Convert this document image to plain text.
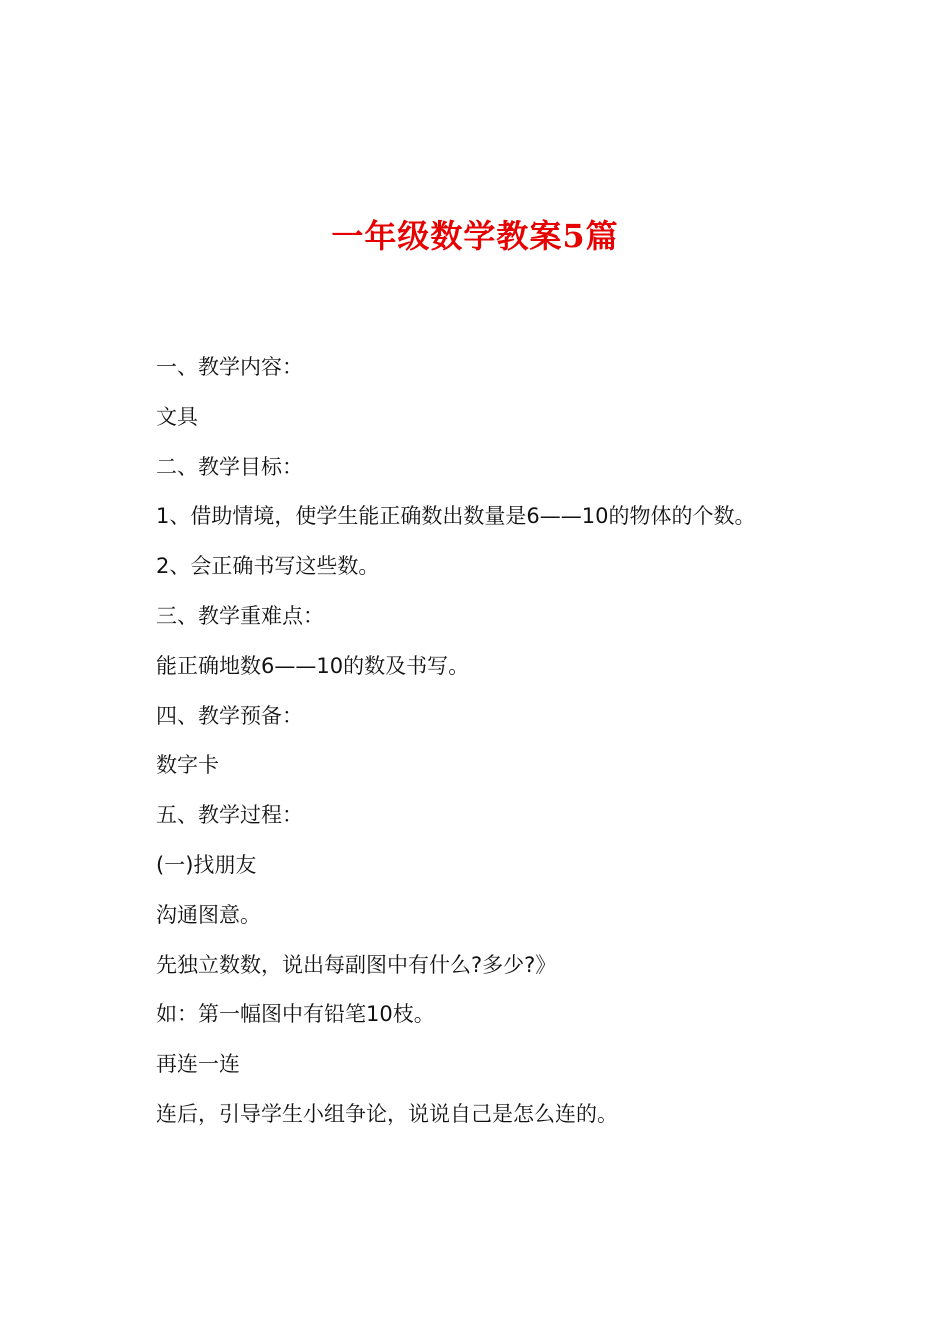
一年级数学教案5篇
一、教学内容：
文具
二、教学目标：
1、借助情境，使学生能正确数出数量是6——10的物体的个数。
2、会正确书写这些数。
三、教学重难点：
能正确地数6——10的数及书写。
四、教学预备：
数字卡
五、教学过程：
(一)找朋友
沟通图意。
先独立数数，说出每副图中有什么?多少?》
如：第一幅图中有铅笔10枝。
再连一连
连后，引导学生小组争论，说说自己是怎么连的。
